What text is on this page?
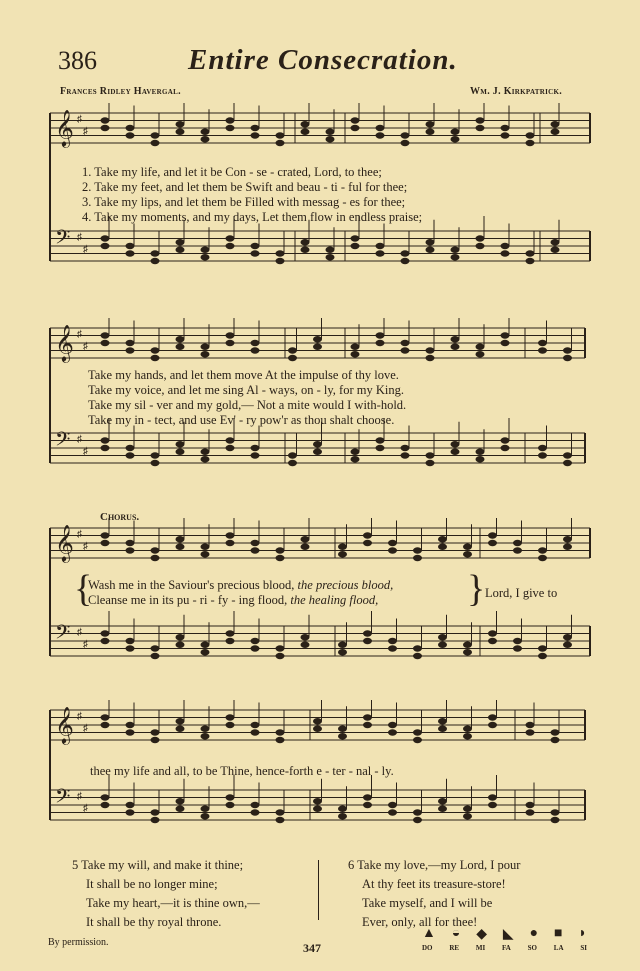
386	Entire Consecration.
Frances Ridley Havergal.	Wm. J. Kirkpatrick.
𝄞 ♯
♯
𝄢 ♯
♯
1. Take my life, and let it be Con - se - crated, Lord, to thee;
2. Take my feet, and let them be Swift and beau - ti - ful for thee;
3. Take my lips, and let them be Filled with messag - es for thee;
4. Take my moments, and my days, Let them flow in endless praise;
𝄞 ♯
♯
𝄢 ♯
♯
Take my hands, and let them move At the impulse of thy love.
Take my voice, and let me sing Al - ways, on - ly, for my King.
Take my sil - ver and my gold,— Not a mite would I with-hold.
Take my in - tect, and use Ev' - ry pow'r as thou shalt choose.
Chorus.
𝄞 ♯
♯
𝄢 ♯
♯
{
Wash me in the Saviour's precious blood, the precious blood,
Cleanse me in its pu - ri - fy - ing flood, the healing flood, } Lord, I give to
𝄞 ♯
♯
𝄢 ♯
♯
thee my life and all, to be Thine, hence-forth e - ter - nal - ly.
5 Take my will, and make it thine;
It shall be no longer mine;
Take my heart,—it is thine own,—
It shall be thy royal throne.
6 Take my love,—my Lord, I pour
At thy feet its treasure-store!
Take myself, and I will be
Ever, only, all for thee!
By permission.	347
▲ ◒ ◆ ◣ ● ■ ◗
DO RE MI FA SO LA SI
